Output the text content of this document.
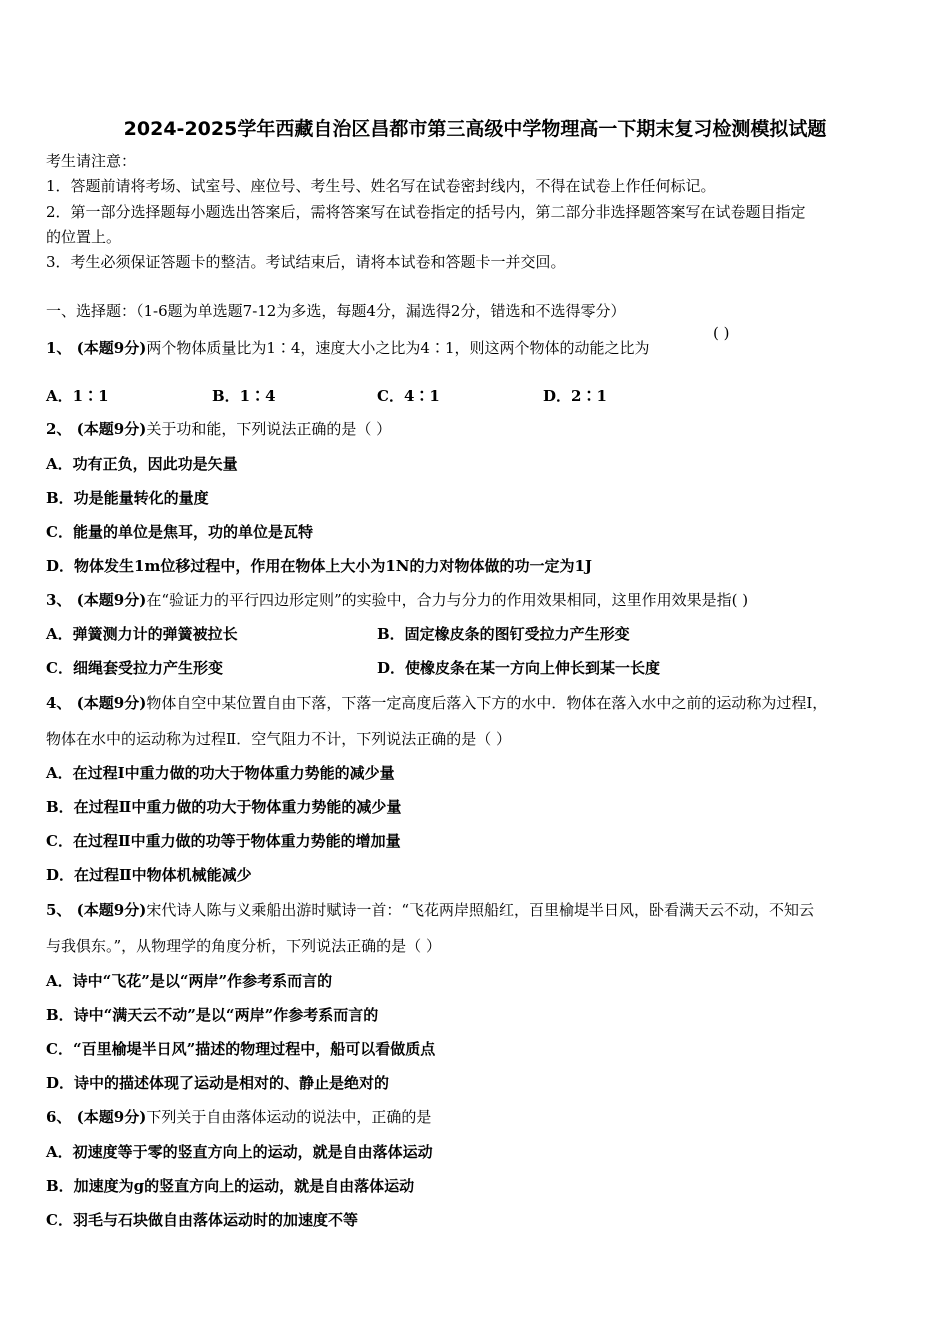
2024-2025学年西藏自治区昌都市第三高级中学物理高一下期末复习检测模拟试题
考生请注意：
1．答题前请将考场、试室号、座位号、考生号、姓名写在试卷密封线内，不得在试卷上作任何标记。
2．第一部分选择题每小题选出答案后，需将答案写在试卷指定的括号内，第二部分非选择题答案写在试卷题目指定
的位置上。
3．考生必须保证答题卡的整洁。考试结束后，请将本试卷和答题卡一并交回。
一、选择题：（1-6题为单选题7-12为多选，每题4分，漏选得2分，错选和不选得零分）
1、 (本题9分)两个物体质量比为1∶4，速度大小之比为4∶1，则这两个物体的动能之比为
( )
A．1∶1	B．1∶4	C．4∶1	D．2∶1
2、 (本题9分)关于功和能，下列说法正确的是（ ）
A．功有正负，因此功是矢量
B．功是能量转化的量度
C．能量的单位是焦耳，功的单位是瓦特
D．物体发生1m位移过程中，作用在物体上大小为1N的力对物体做的功一定为1J
3、 (本题9分)在“验证力的平行四边形定则”的实验中，合力与分力的作用效果相同，这里作用效果是指( )
A．弹簧测力计的弹簧被拉长	B．固定橡皮条的图钉受拉力产生形变
C．细绳套受拉力产生形变	D．使橡皮条在某一方向上伸长到某一长度
4、 (本题9分)物体自空中某位置自由下落，下落一定高度后落入下方的水中．物体在落入水中之前的运动称为过程Ⅰ，
物体在水中的运动称为过程Ⅱ．空气阻力不计，下列说法正确的是（ ）
A．在过程Ⅰ中重力做的功大于物体重力势能的减少量
B．在过程Ⅱ中重力做的功大于物体重力势能的减少量
C．在过程Ⅱ中重力做的功等于物体重力势能的增加量
D．在过程Ⅱ中物体机械能减少
5、 (本题9分)宋代诗人陈与义乘船出游时赋诗一首：“飞花两岸照船红，百里榆堤半日风，卧看满天云不动，不知云
与我俱东。”，从物理学的角度分析，下列说法正确的是（ ）
A．诗中“飞花”是以“两岸”作参考系而言的
B．诗中“满天云不动”是以“两岸”作参考系而言的
C．“百里榆堤半日风”描述的物理过程中，船可以看做质点
D．诗中的描述体现了运动是相对的、静止是绝对的
6、 (本题9分)下列关于自由落体运动的说法中，正确的是
A．初速度等于零的竖直方向上的运动，就是自由落体运动
B．加速度为g的竖直方向上的运动，就是自由落体运动
C．羽毛与石块做自由落体运动时的加速度不等
